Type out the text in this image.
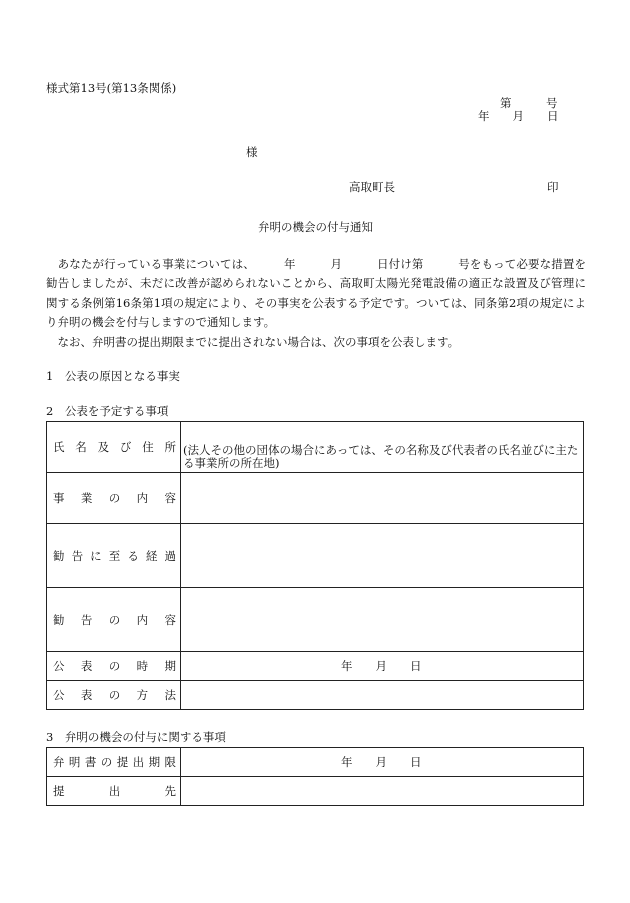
様式第13号(第13条関係)
第　　　号
年　　月　　日
様
高取町長	印
弁明の機会の付与通知

　あなたが行っている事業については、　　　年　　　月　　　日付け第　　　号をもって必要な措置を勧告しましたが、未だに改善が認められないことから、高取町太陽光発電設備の適正な設置及び管理に関する条例第16条第1項の規定により、その事実を公表する予定です。ついては、同条第2項の規定により弁明の機会を付与しますので通知します。

　なお、弁明書の提出期限までに提出されない場合は、次の事項を公表します。

1　公表の原因となる事実
2　公表を予定する事項
氏名及び住所	(法人その他の団体の場合にあっては、その名称及び代表者の氏名並びに主たる事業所の所在地)
事業の内容	
勧告に至る経過	
勧告の内容	
公表の時期	年　　月　　日
公表の方法	
3　弁明の機会の付与に関する事項
弁明書の提出期限	年　　月　　日
提出先	
